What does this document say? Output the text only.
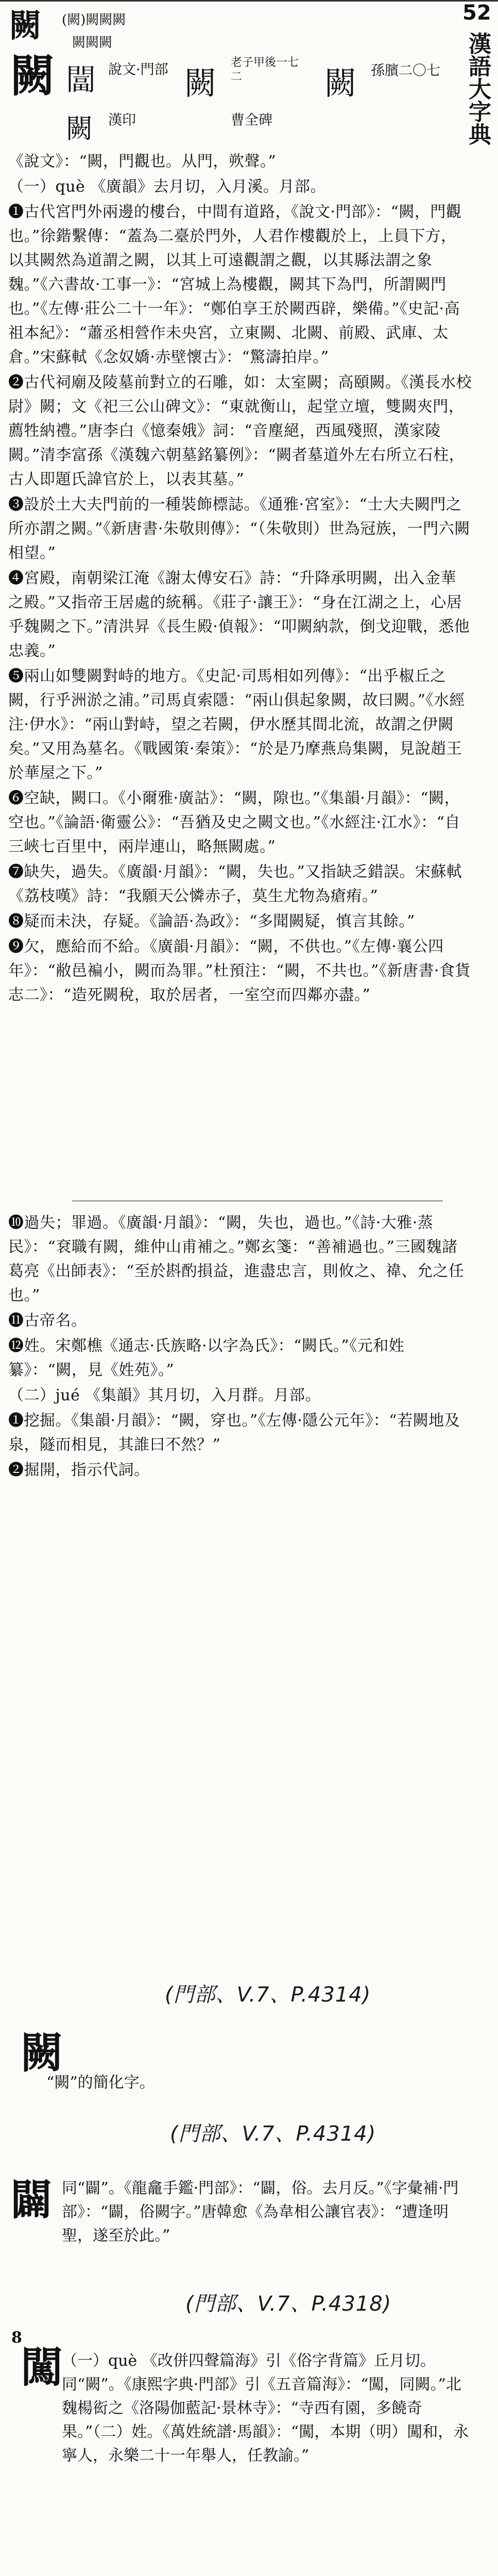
闕 (闕)闕闕闕
闕闕闕
52
漢語大字典
闕 𨵩 說文·門部 闕
老子甲後一七二	闕 孫臏二〇七
闕 漢印	曹全碑

《說文》：“闕，門觀也。从門，欮聲。”

（一）què 《廣韻》去月切，入月溪。月部。

❶古代宮門外兩邊的樓台，中間有道路，《說文·門部》：“闕，門觀也。”徐鍇繫傳：“蓋為二臺於門外，人君作樓觀於上，上員下方，以其闕然為道謂之闕，以其上可遠觀謂之觀，以其縣法謂之象魏。”《六書故·工事一》：“宮城上為樓觀，闕其下為門，所謂闕門也。”《左傳·莊公二十一年》：“鄭伯享王於闕西辟，樂備。”《史記·高祖本紀》：“蕭丞相營作未央宮，立東闕、北闕、前殿、武庫、太倉。”宋蘇軾《念奴嬌·赤壁懷古》：“驚濤拍岸。”

❷古代祠廟及陵墓前對立的石雕，如：太室闕；高頤闕。《漢長水校尉》闕；文《祀三公山碑文》：“東就衡山，起堂立壇，雙闕夾門，薦牲納禮。”唐李白《憶秦娥》詞：“音塵絕，西風殘照，漢家陵闕。”清李富孫《漢魏六朝墓銘纂例》：“闕者墓道外左右所立石柱，古人即題氏諱官於上，以表其墓。”

❸設於土大夫門前的一種裝飾標誌。《通雅·宮室》：“士大夫闕門之所亦謂之闕。”《新唐書·朱敬則傳》：“（朱敬則）世為冠族，一門六闕相望。”

❹宮殿，南朝梁江淹《謝太傅安石》詩：“升降承明闕，出入金華之殿。”又指帝王居處的統稱。《莊子·讓王》：“身在江湖之上，心居乎魏闕之下。”清洪昇《長生殿·偵報》：“叩闕納款，倒戈迎戰，悉他忠義。”

❺兩山如雙闕對峙的地方。《史記·司馬相如列傳》：“出乎椒丘之闕，行乎洲淤之浦。”司馬貞索隱：“兩山俱起象闕，故曰闕。”《水經注·伊水》：“兩山對峙，望之若闕，伊水歷其間北流，故謂之伊闕矣。”又用為墓名。《戰國策·秦策》：“於是乃摩燕烏集闕，見說趙王於華屋之下。”

❻空缺，闕口。《小爾雅·廣詁》：“闕，隙也。”《集韻·月韻》：“闕，空也。”《論語·衛靈公》：“吾猶及史之闕文也。”《水經注·江水》：“自三峽七百里中，兩岸連山，略無闕處。”

❼缺失，過失。《廣韻·月韻》：“闕，失也。”又指缺乏錯誤。宋蘇軾《荔枝嘆》詩：“我願天公憐赤子，莫生尤物為瘡痏。”

❽疑而未決，存疑。《論語·為政》：“多聞闕疑，慎言其餘。”

❾欠，應給而不給。《廣韻·月韻》：“闕，不供也。”《左傳·襄公四年》：“敝邑褊小，闕而為罪。”杜預注：“闕，不共也。”《新唐書·食貨志二》：“造死闕稅，取於居者，一室空而四鄰亦盡。”

❿過失；罪過。《廣韻·月韻》：“闕，失也，過也。”《詩·大雅·蒸民》：“袞職有闕，維仲山甫補之。”鄭玄箋：“善補過也。”三國魏諸葛亮《出師表》：“至於斟酌損益，進盡忠言，則攸之、禕、允之任也。”

⓫古帝名。

⓬姓。宋鄭樵《通志·氏族略·以字為氏》：“闕氏。”《元和姓纂》：“闕，見《姓苑》。”

（二）jué 《集韻》其月切，入月群。月部。

❶挖掘。《集韻·月韻》：“闕，穿也。”《左傳·隱公元年》：“若闕地及泉，隧而相見，其誰曰不然？”

❷掘開，指示代詞。

(門部、V.7、P.4314)
闕
“闕”的簡化字。
(門部、V.7、P.4314)
闢 同“闢”。《龍龕手鑑·門部》：“闢，俗。去月反。”《字彙補·門部》：“闢，俗闕字。”唐韓愈《為韋相公讓官表》：“遭逢明聖，遂至於此。”
(門部、V.7、P.4318)
8
闖
（一）què 《改併四聲篇海》引《俗字背篇》丘月切。同“闕”。《康熙字典·門部》引《五音篇海》：“闖，同闕。”北魏楊衒之《洛陽伽藍記·景林寺》：“寺西有園，多饒奇果。”（二）姓。《萬姓統譜·馬韻》：“闖，本期（明）闖和，永寧人，永樂二十一年舉人，任教諭。”
